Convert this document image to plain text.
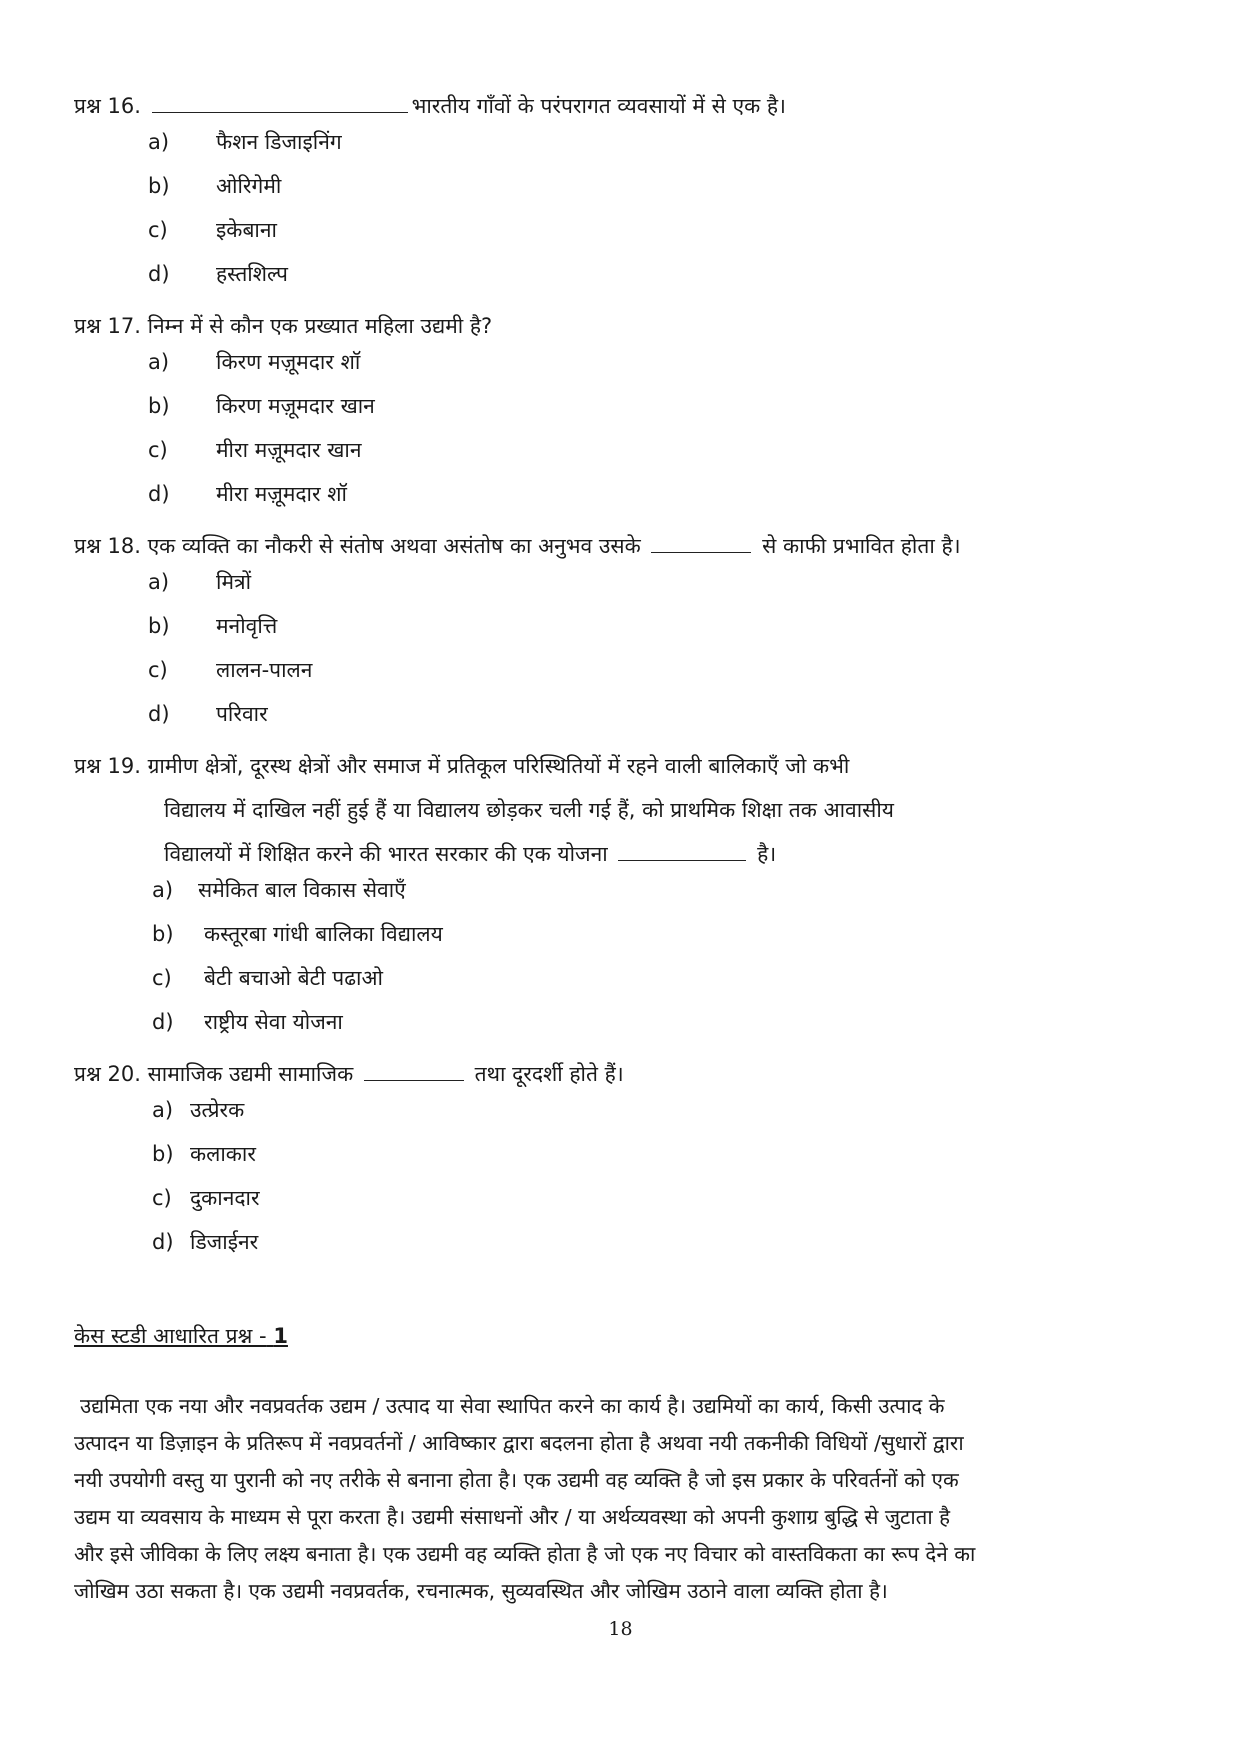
प्रश्न 16.	भारतीय गाँवों के परंपरागत व्यवसायों में से एक है।
a)	फैशन डिजाइनिंग
b)	ओरिगेमी
c)	इकेबाना
d)	हस्तशिल्प
प्रश्न 17. निम्न में से कौन एक प्रख्यात महिला उद्यमी है?
a)	किरण मज़ूमदार शॉ
b)	किरण मज़ूमदार खान
c)	मीरा मज़ूमदार खान
d)	मीरा मज़ूमदार शॉ
प्रश्न 18. एक व्यक्ति का नौकरी से संतोष अथवा असंतोष का अनुभव उसके	से काफी प्रभावित होता है।
a)	मित्रों
b)	मनोवृत्ति
c)	लालन-पालन
d)	परिवार
प्रश्न 19. ग्रामीण क्षेत्रों, दूरस्थ क्षेत्रों और समाज में प्रतिकूल परिस्थितियों में रहने वाली बालिकाएँ जो कभी
विद्यालय में दाखिल नहीं हुई हैं या विद्यालय छोड़कर चली गई हैं, को प्राथमिक शिक्षा तक आवासीय
विद्यालयों में शिक्षित करने की भारत सरकार की एक योजना	है।
a)	समेकित बाल विकास सेवाएँ
b)	कस्तूरबा गांधी बालिका विद्यालय
c)	बेटी बचाओ बेटी पढाओ
d)	राष्ट्रीय सेवा योजना
प्रश्न 20. सामाजिक उद्यमी सामाजिक	तथा दूरदर्शी होते हैं।
a) उत्प्रेरक
b) कलाकार
c) दुकानदार
d) डिजाईनर
केस स्टडी आधारित प्रश्न - 1
उद्यमिता एक नया और नवप्रवर्तक उद्यम / उत्पाद या सेवा स्थापित करने का कार्य है। उद्यमियों का कार्य, किसी उत्पाद के
उत्पादन या डिज़ाइन के प्रतिरूप में नवप्रवर्तनों / आविष्कार द्वारा बदलना होता है अथवा नयी तकनीकी विधियों /सुधारों द्वारा
नयी उपयोगी वस्तु या पुरानी को नए तरीके से बनाना होता है। एक उद्यमी वह व्यक्ति है जो इस प्रकार के परिवर्तनों को एक
उद्यम या व्यवसाय के माध्यम से पूरा करता है। उद्यमी संसाधनों और / या अर्थव्यवस्था को अपनी कुशाग्र बुद्धि से जुटाता है
और इसे जीविका के लिए लक्ष्य बनाता है। एक उद्यमी वह व्यक्ति होता है जो एक नए विचार को वास्तविकता का रूप देने का
जोखिम उठा सकता है। एक उद्यमी नवप्रवर्तक, रचनात्मक, सुव्यवस्थित और जोखिम उठाने वाला व्यक्ति होता है।
18
